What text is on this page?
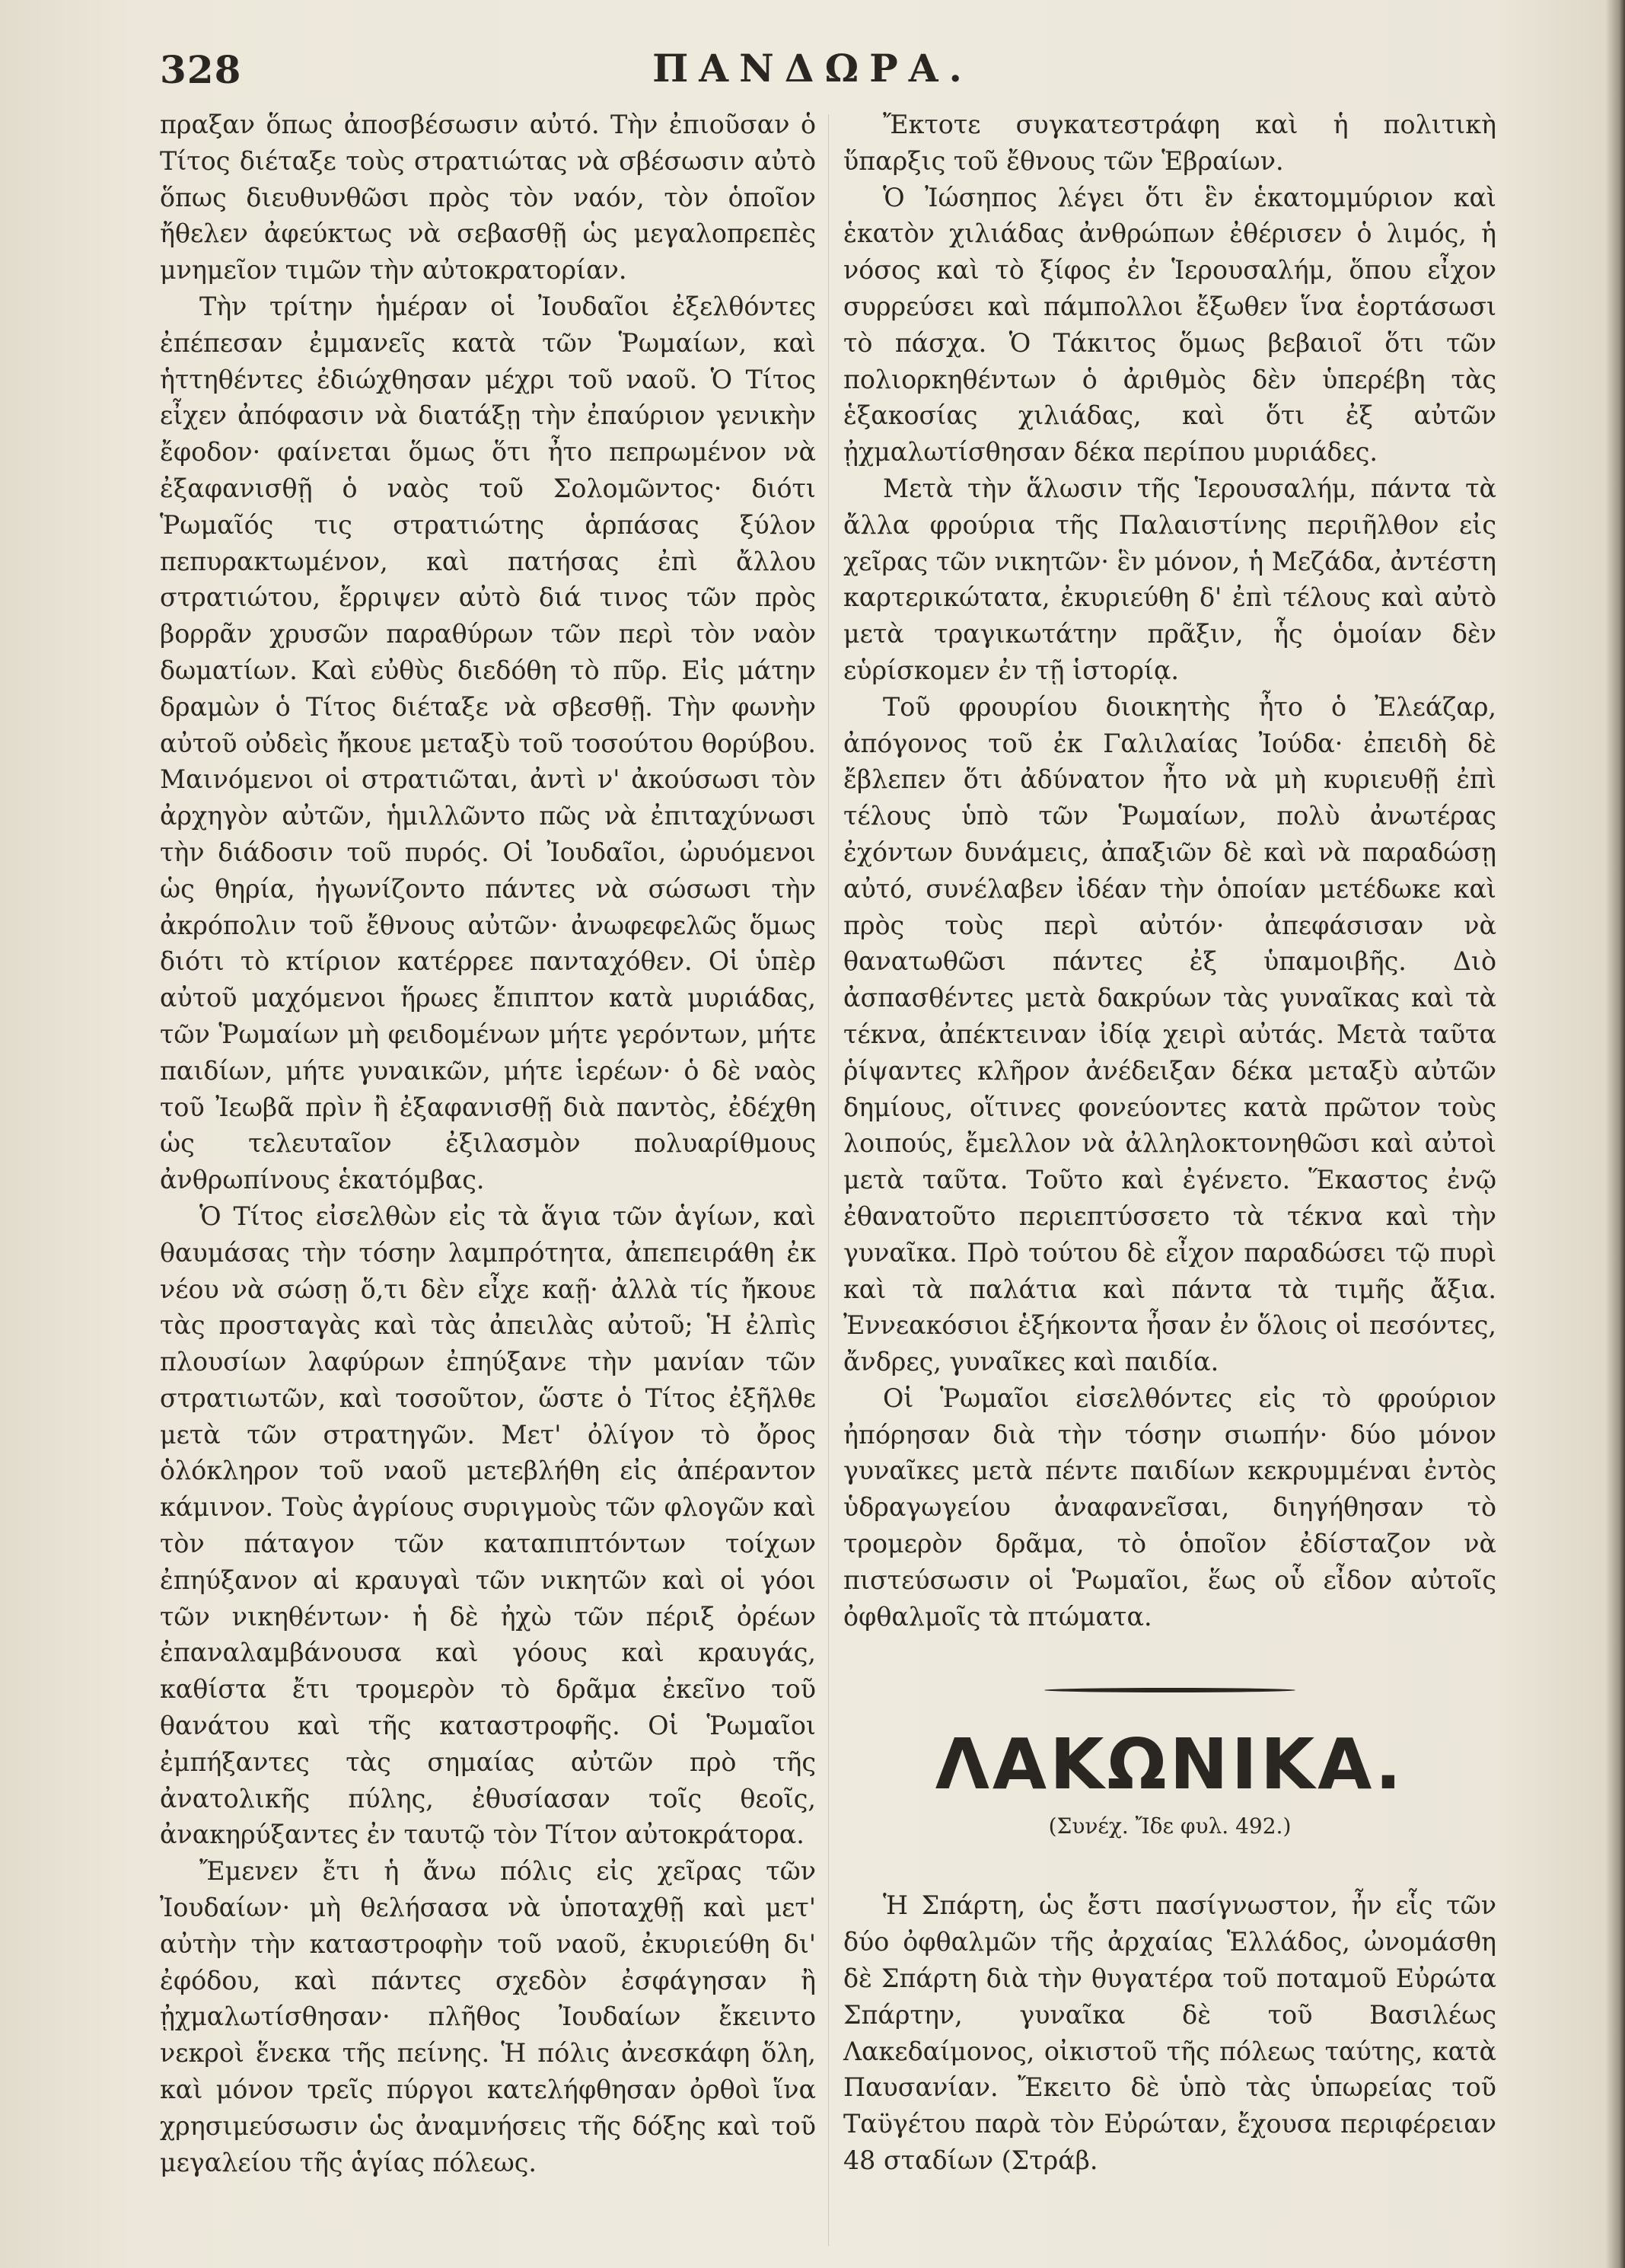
328	ΠΑΝΔΩΡΑ.

πραξαν ὅπως ἀποσβέσωσιν αὐτό. Τὴν ἐπιοῦσαν ὁ Τίτος διέταξε τοὺς στρατιώτας νὰ σβέσωσιν αὐτὸ ὅπως διευθυνθῶσι πρὸς τὸν ναόν, τὸν ὁποῖον ἤθελεν ἀφεύκτως νὰ σεβασθῇ ὡς μεγαλοπρεπὲς μνημεῖον τιμῶν τὴν αὐτοκρατορίαν.

Τὴν τρίτην ἡμέραν οἱ Ἰουδαῖοι ἐξελθόντες ἐπέπεσαν ἐμμανεῖς κατὰ τῶν Ῥωμαίων, καὶ ἡττηθέντες ἐδιώχθησαν μέχρι τοῦ ναοῦ. Ὁ Τίτος εἶχεν ἀπόφασιν νὰ διατάξῃ τὴν ἐπαύριον γενικὴν ἔφοδον· φαίνεται ὅμως ὅτι ἦτο πεπρωμένον νὰ ἐξαφανισθῇ ὁ ναὸς τοῦ Σολομῶντος· διότι Ῥωμαῖός τις στρατιώτης ἁρπάσας ξύλον πεπυρακτωμένον, καὶ πατήσας ἐπὶ ἄλλου στρατιώτου, ἔρριψεν αὐτὸ διά τινος τῶν πρὸς βορρᾶν χρυσῶν παραθύρων τῶν περὶ τὸν ναὸν δωματίων. Καὶ εὐθὺς διεδόθη τὸ πῦρ. Εἰς μάτην δραμὼν ὁ Τίτος διέταξε νὰ σβεσθῇ. Τὴν φωνὴν αὐτοῦ οὐδεὶς ἤκουε μεταξὺ τοῦ τοσούτου θορύβου. Μαινόμενοι οἱ στρατιῶται, ἀντὶ ν' ἀκούσωσι τὸν ἀρχηγὸν αὐτῶν, ἡμιλλῶντο πῶς νὰ ἐπιταχύνωσι τὴν διάδοσιν τοῦ πυρός. Οἱ Ἰουδαῖοι, ὠρυόμενοι ὡς θηρία, ἠγωνίζοντο πάντες νὰ σώσωσι τὴν ἀκρόπολιν τοῦ ἔθνους αὐτῶν· ἀνωφεφελῶς ὅμως διότι τὸ κτίριον κατέρρεε πανταχόθεν. Οἱ ὑπὲρ αὐτοῦ μαχόμενοι ἥρωες ἔπιπτον κατὰ μυριάδας, τῶν Ῥωμαίων μὴ φειδομένων μήτε γερόντων, μήτε παιδίων, μήτε γυναικῶν, μήτε ἱερέων· ὁ δὲ ναὸς τοῦ Ἰεωβᾶ πρὶν ἢ ἐξαφανισθῇ διὰ παντὸς, ἐδέχθη ὡς τελευταῖον ἐξιλασμὸν πολυαρίθμους ἀνθρωπίνους ἑκατόμβας.

Ὁ Τίτος εἰσελθὼν εἰς τὰ ἅγια τῶν ἁγίων, καὶ θαυμάσας τὴν τόσην λαμπρότητα, ἀπεπειράθη ἐκ νέου νὰ σώσῃ ὅ,τι δὲν εἶχε καῇ· ἀλλὰ τίς ἤκουε τὰς προσταγὰς καὶ τὰς ἀπειλὰς αὐτοῦ; Ἡ ἐλπὶς πλουσίων λαφύρων ἐπηύξανε τὴν μανίαν τῶν στρατιωτῶν, καὶ τοσοῦτον, ὥστε ὁ Τίτος ἐξῆλθε μετὰ τῶν στρατηγῶν. Μετ' ὀλίγον τὸ ὄρος ὁλόκληρον τοῦ ναοῦ μετεβλήθη εἰς ἀπέραντον κάμινον. Τοὺς ἀγρίους συριγμοὺς τῶν φλογῶν καὶ τὸν πάταγον τῶν καταπιπτόντων τοίχων ἐπηύξανον αἱ κραυγαὶ τῶν νικητῶν καὶ οἱ γόοι τῶν νικηθέντων· ἡ δὲ ἠχὼ τῶν πέριξ ὀρέων ἐπαναλαμβάνουσα καὶ γόους καὶ κραυγάς, καθίστα ἔτι τρομερὸν τὸ δρᾶμα ἐκεῖνο τοῦ θανάτου καὶ τῆς καταστροφῆς. Οἱ Ῥωμαῖοι ἐμπήξαντες τὰς σημαίας αὐτῶν πρὸ τῆς ἀνατολικῆς πύλης, ἐθυσίασαν τοῖς θεοῖς, ἀνακηρύξαντες ἐν ταυτῷ τὸν Τίτον αὐτοκράτορα.

Ἔμενεν ἔτι ἡ ἄνω πόλις εἰς χεῖρας τῶν Ἰουδαίων· μὴ θελήσασα νὰ ὑποταχθῇ καὶ μετ' αὐτὴν τὴν καταστροφὴν τοῦ ναοῦ, ἐκυριεύθη δι' ἐφόδου, καὶ πάντες σχεδὸν ἐσφάγησαν ἢ ᾐχμαλωτίσθησαν· πλῆθος Ἰουδαίων ἔκειντο νεκροὶ ἕνεκα τῆς πείνης. Ἡ πόλις ἀνεσκάφη ὅλη, καὶ μόνον τρεῖς πύργοι κατελήφθησαν ὀρθοὶ ἵνα χρησιμεύσωσιν ὡς ἀναμνήσεις τῆς δόξης καὶ τοῦ μεγαλείου τῆς ἁγίας πόλεως.

Ἔκτοτε συγκατεστράφη καὶ ἡ πολιτικὴ ὕπαρξις τοῦ ἔθνους τῶν Ἑβραίων.

Ὁ Ἰώσηπος λέγει ὅτι ἓν ἑκατομμύριον καὶ ἑκατὸν χιλιάδας ἀνθρώπων ἐθέρισεν ὁ λιμός, ἡ νόσος καὶ τὸ ξίφος ἐν Ἱερουσαλήμ, ὅπου εἶχον συρρεύσει καὶ πάμπολλοι ἔξωθεν ἵνα ἑορτάσωσι τὸ πάσχα. Ὁ Τάκιτος ὅμως βεβαιοῖ ὅτι τῶν πολιορκηθέντων ὁ ἀριθμὸς δὲν ὑπερέβη τὰς ἑξακοσίας χιλιάδας, καὶ ὅτι ἐξ αὐτῶν ᾐχμαλωτίσθησαν δέκα περίπου μυριάδες.

Μετὰ τὴν ἅλωσιν τῆς Ἱερουσαλήμ, πάντα τὰ ἄλλα φρούρια τῆς Παλαιστίνης περιῆλθον εἰς χεῖρας τῶν νικητῶν· ἓν μόνον, ἡ Μεζάδα, ἀντέστη καρτερικώτατα, ἐκυριεύθη δ' ἐπὶ τέλους καὶ αὐτὸ μετὰ τραγικωτάτην πρᾶξιν, ἧς ὁμοίαν δὲν εὑρίσκομεν ἐν τῇ ἱστορίᾳ.

Τοῦ φρουρίου διοικητὴς ἦτο ὁ Ἐλεάζαρ, ἀπόγονος τοῦ ἐκ Γαλιλαίας Ἰούδα· ἐπειδὴ δὲ ἔβλεπεν ὅτι ἀδύνατον ἦτο νὰ μὴ κυριευθῇ ἐπὶ τέλους ὑπὸ τῶν Ῥωμαίων, πολὺ ἀνωτέρας ἐχόντων δυνάμεις, ἀπαξιῶν δὲ καὶ νὰ παραδώσῃ αὐτό, συνέλαβεν ἰδέαν τὴν ὁποίαν μετέδωκε καὶ πρὸς τοὺς περὶ αὐτόν· ἀπεφάσισαν νὰ θανατωθῶσι πάντες ἐξ ὑπαμοιβῆς. Διὸ ἀσπασθέντες μετὰ δακρύων τὰς γυναῖκας καὶ τὰ τέκνα, ἀπέκτειναν ἰδίᾳ χειρὶ αὐτάς. Μετὰ ταῦτα ῥίψαντες κλῆρον ἀνέδειξαν δέκα μεταξὺ αὐτῶν δημίους, οἵτινες φονεύοντες κατὰ πρῶτον τοὺς λοιπούς, ἔμελλον νὰ ἀλληλοκτονηθῶσι καὶ αὐτοὶ μετὰ ταῦτα. Τοῦτο καὶ ἐγένετο. Ἕκαστος ἐνῷ ἐθανατοῦτο περιεπτύσσετο τὰ τέκνα καὶ τὴν γυναῖκα. Πρὸ τούτου δὲ εἶχον παραδώσει τῷ πυρὶ καὶ τὰ παλάτια καὶ πάντα τὰ τιμῆς ἄξια. Ἐννεακόσιοι ἑξήκοντα ἦσαν ἐν ὅλοις οἱ πεσόντες, ἄνδρες, γυναῖκες καὶ παιδία.

Οἱ Ῥωμαῖοι εἰσελθόντες εἰς τὸ φρούριον ἠπόρησαν διὰ τὴν τόσην σιωπήν· δύο μόνον γυναῖκες μετὰ πέντε παιδίων κεκρυμμέναι ἐντὸς ὑδραγωγείου ἀναφανεῖσαι, διηγήθησαν τὸ τρομερὸν δρᾶμα, τὸ ὁποῖον ἐδίσταζον νὰ πιστεύσωσιν οἱ Ῥωμαῖοι, ἕως οὗ εἶδον αὐτοῖς ὀφθαλμοῖς τὰ πτώματα.

ΛΑΚΩΝΙΚΑ.
(Συνέχ. Ἴδε φυλ. 492.)

Ἡ Σπάρτη, ὡς ἔστι πασίγνωστον, ἦν εἷς τῶν δύο ὀφθαλμῶν τῆς ἀρχαίας Ἑλλάδος, ὠνομάσθη δὲ Σπάρτη διὰ τὴν θυγατέρα τοῦ ποταμοῦ Εὐρώτα Σπάρτην, γυναῖκα δὲ τοῦ Βασιλέως Λακεδαίμονος, οἰκιστοῦ τῆς πόλεως ταύτης, κατὰ Παυσανίαν. Ἔκειτο δὲ ὑπὸ τὰς ὑπωρείας τοῦ Ταϋγέτου παρὰ τὸν Εὐρώταν, ἔχουσα περιφέρειαν 48 σταδίων (Στράβ.
